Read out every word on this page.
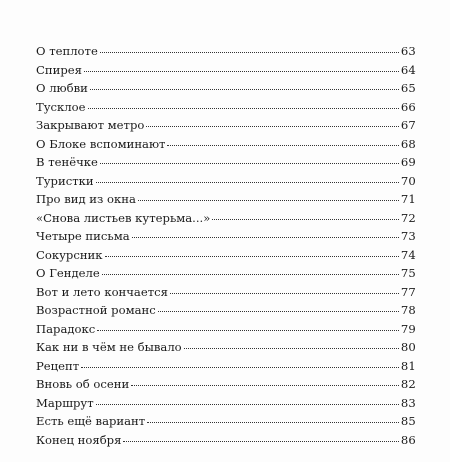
О теплоте	63
Спирея	64
О любви	65
Тусклое	66
Закрывают метро	67
О Блоке вспоминают	68
В тенёчке	69
Туристки	70
Про вид из окна	71
«Снова листьев кутерьма...»	72
Четыре письма	73
Сокурсник	74
О Генделе	75
Вот и лето кончается	77
Возрастной романс	78
Парадокс	79
Как ни в чём не бывало	80
Рецепт	81
Вновь об осени	82
Маршрут	83
Есть ещё вариант	85
Конец ноября	86
